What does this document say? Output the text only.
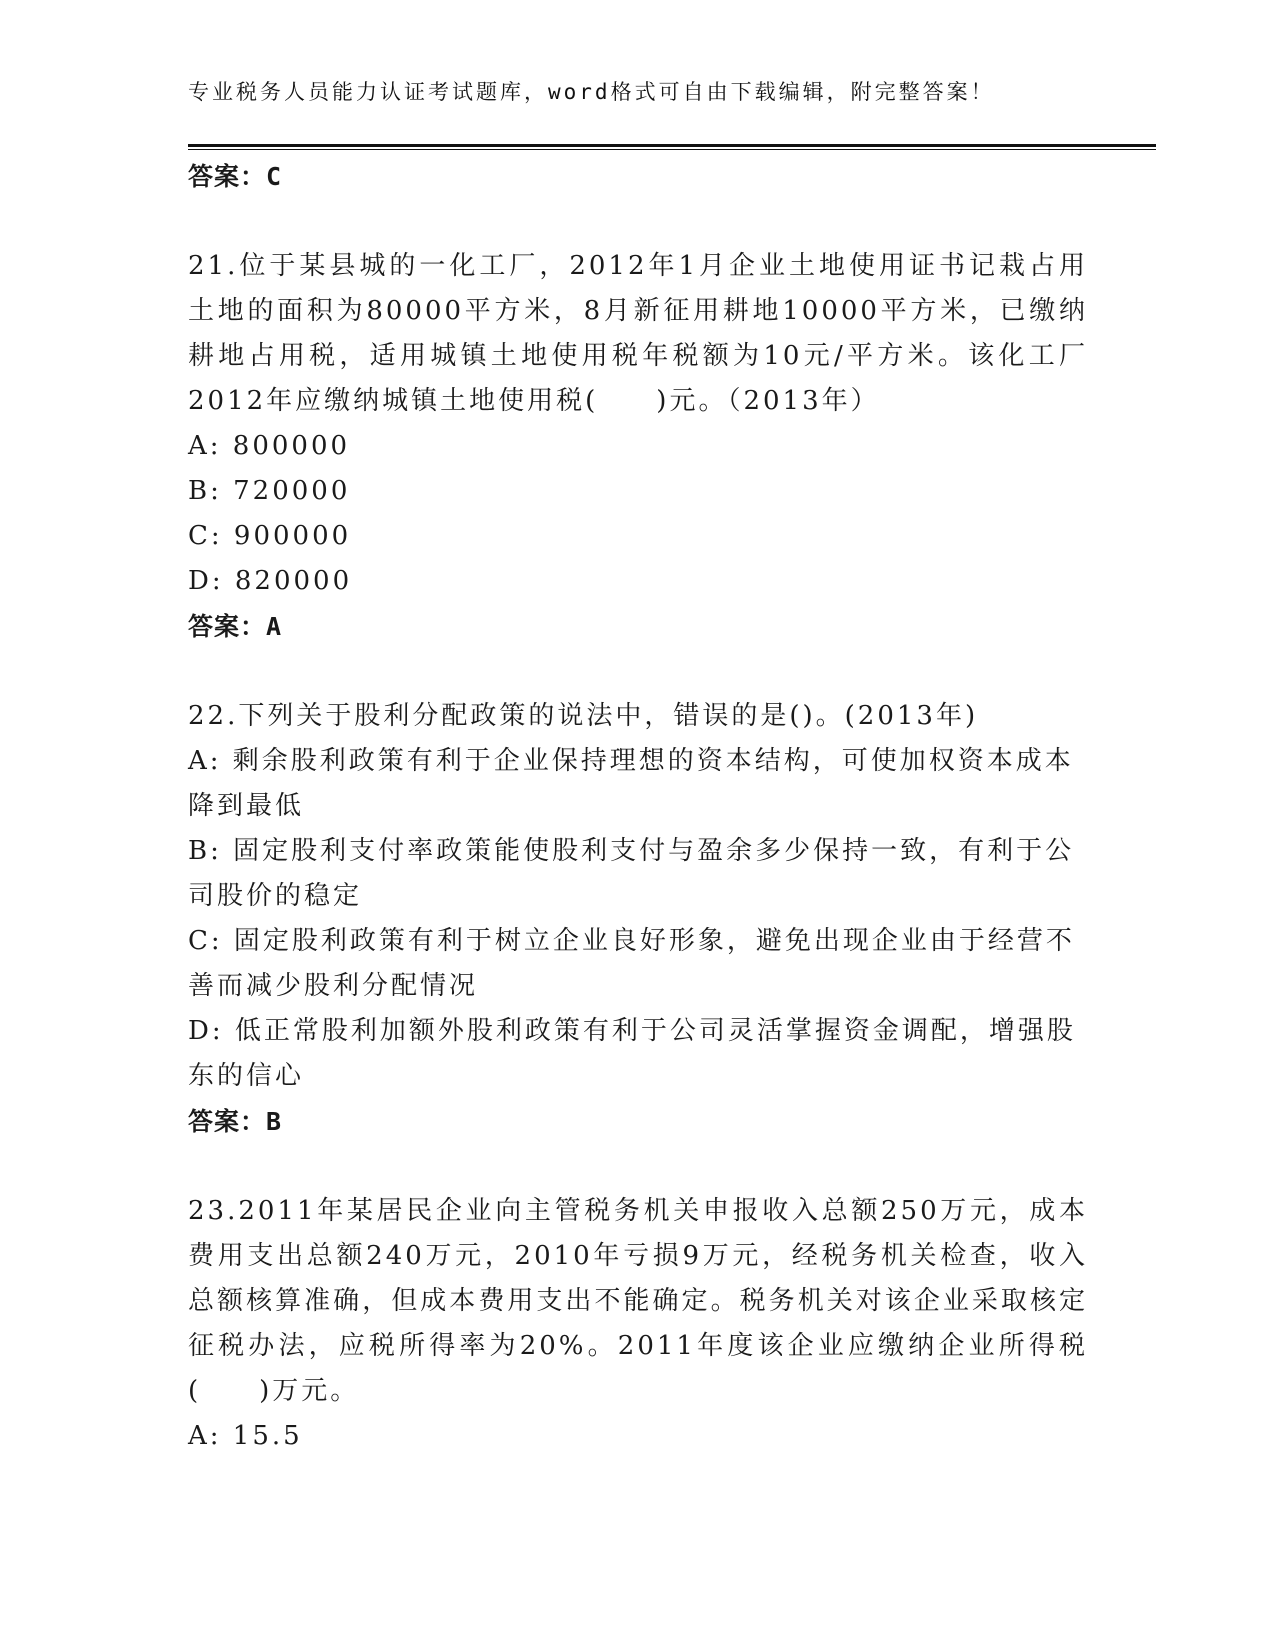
专业税务人员能力认证考试题库，word格式可自由下载编辑，附完整答案！
答案：C
21.位于某县城的一化工厂，2012年1月企业土地使用证书记栽占用土地的面积为80000平方米，8月新征用耕地10000平方米，已缴纳耕地占用税，适用城镇土地使用税年税额为10元/平方米。该化工厂2012年应缴纳城镇土地使用税(　　)元。（2013年）
A: 800000
B: 720000
C: 900000
D: 820000
答案：A
22.下列关于股利分配政策的说法中，错误的是()。(2013年)
A: 剩余股利政策有利于企业保持理想的资本结构，可使加权资本成本降到最低
B: 固定股利支付率政策能使股利支付与盈余多少保持一致，有利于公司股价的稳定
C: 固定股利政策有利于树立企业良好形象，避免出现企业由于经营不善而减少股利分配情况
D: 低正常股利加额外股利政策有利于公司灵活掌握资金调配，增强股东的信心
答案：B
23.2011年某居民企业向主管税务机关申报收入总额250万元，成本费用支出总额240万元，2010年亏损9万元，经税务机关检查，收入总额核算准确，但成本费用支出不能确定。税务机关对该企业采取核定征税办法，应税所得率为20%。2011年度该企业应缴纳企业所得税(　　)万元。
A: 15.5
